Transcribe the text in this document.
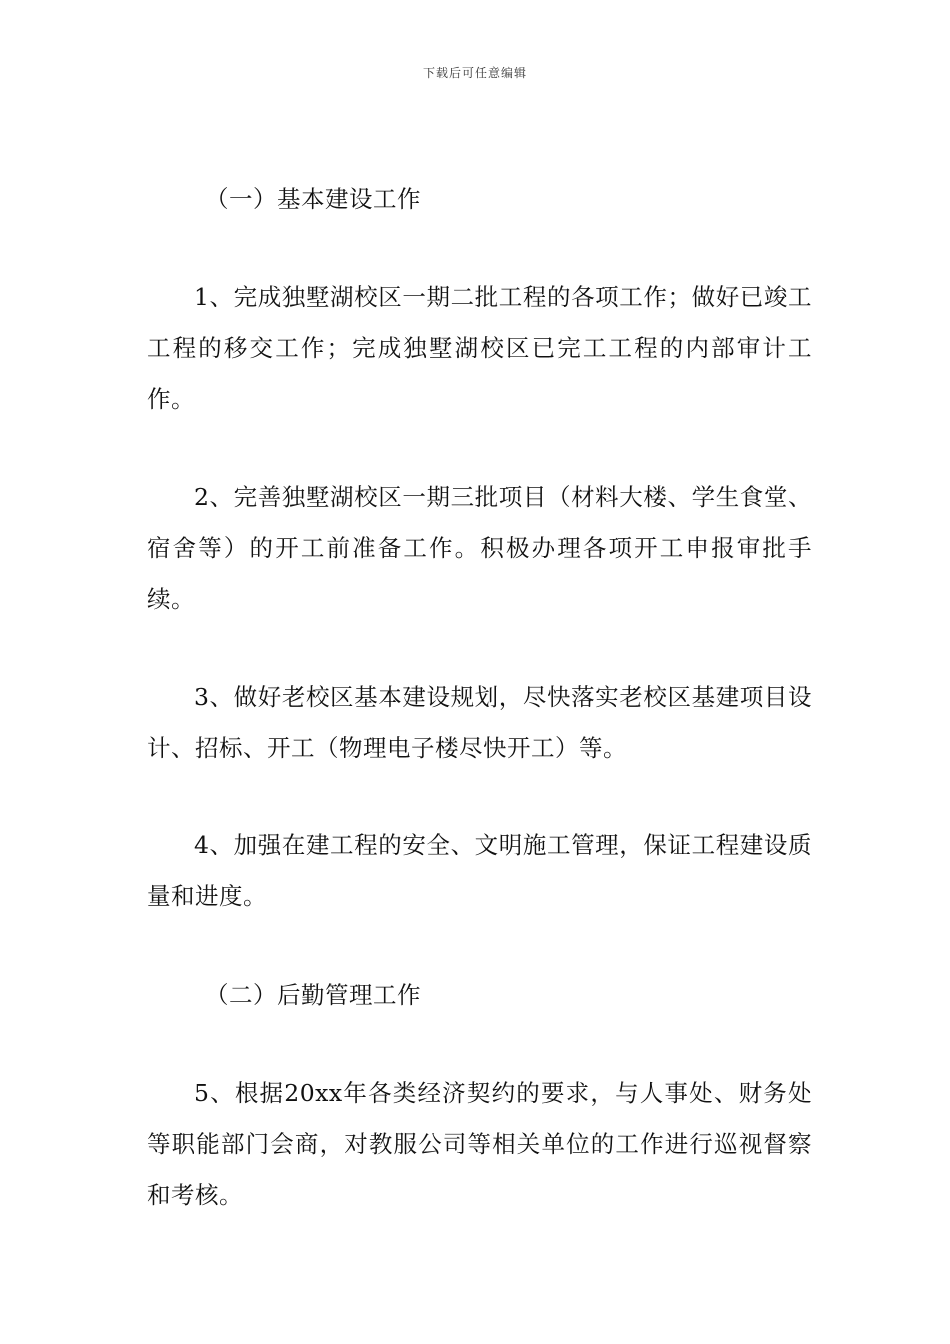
下载后可任意编辑

（一）基本建设工作

1、完成独墅湖校区一期二批工程的各项工作；做好已竣工工程的移交工作；完成独墅湖校区已完工工程的内部审计工作。

2、完善独墅湖校区一期三批项目（材料大楼、学生食堂、宿舍等）的开工前准备工作。积极办理各项开工申报审批手续。

3、做好老校区基本建设规划，尽快落实老校区基建项目设计、招标、开工（物理电子楼尽快开工）等。

4、加强在建工程的安全、文明施工管理，保证工程建设质量和进度。

（二）后勤管理工作

5、根据20xx年各类经济契约的要求，与人事处、财务处等职能部门会商，对教服公司等相关单位的工作进行巡视督察和考核。
